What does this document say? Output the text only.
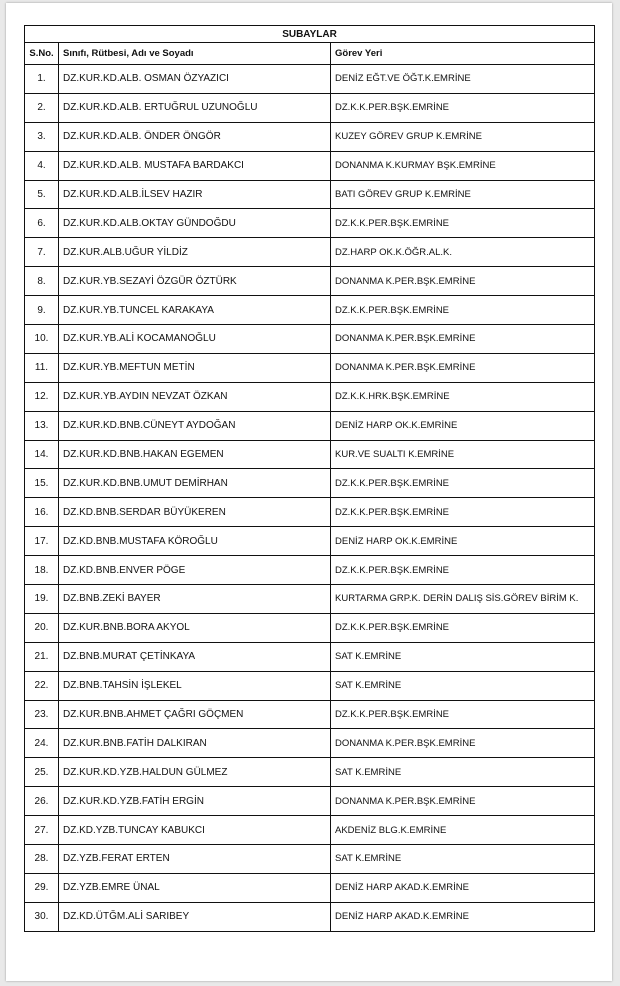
SUBAYLAR		
S.No.	Sınıfı, Rütbesi, Adı ve Soyadı	Görev Yeri
1.	DZ.KUR.KD.ALB. OSMAN ÖZYAZICI	DENİZ EĞT.VE ÖĞT.K.EMRİNE
2.	DZ.KUR.KD.ALB. ERTUĞRUL UZUNOĞLU	DZ.K.K.PER.BŞK.EMRİNE
3.	DZ.KUR.KD.ALB. ÖNDER ÖNGÖR	KUZEY GÖREV GRUP K.EMRİNE
4.	DZ.KUR.KD.ALB. MUSTAFA BARDAKCI	DONANMA K.KURMAY BŞK.EMRİNE
5.	DZ.KUR.KD.ALB.İLSEV HAZIR	BATI GÖREV GRUP K.EMRİNE
6.	DZ.KUR.KD.ALB.OKTAY GÜNDOĞDU	DZ.K.K.PER.BŞK.EMRİNE
7.	DZ.KUR.ALB.UĞUR YİLDİZ	DZ.HARP OK.K.ÖĞR.AL.K.
8.	DZ.KUR.YB.SEZAYİ ÖZGÜR ÖZTÜRK	DONANMA K.PER.BŞK.EMRİNE
9.	DZ.KUR.YB.TUNCEL KARAKAYA	DZ.K.K.PER.BŞK.EMRİNE
10.	DZ.KUR.YB.ALİ KOCAMANOĞLU	DONANMA K.PER.BŞK.EMRİNE
11.	DZ.KUR.YB.MEFTUN METİN	DONANMA K.PER.BŞK.EMRİNE
12.	DZ.KUR.YB.AYDIN NEVZAT ÖZKAN	DZ.K.K.HRK.BŞK.EMRİNE
13.	DZ.KUR.KD.BNB.CÜNEYT AYDOĞAN	DENİZ HARP OK.K.EMRİNE
14.	DZ.KUR.KD.BNB.HAKAN EGEMEN	KUR.VE SUALTI K.EMRİNE
15.	DZ.KUR.KD.BNB.UMUT DEMİRHAN	DZ.K.K.PER.BŞK.EMRİNE
16.	DZ.KD.BNB.SERDAR BÜYÜKEREN	DZ.K.K.PER.BŞK.EMRİNE
17.	DZ.KD.BNB.MUSTAFA KÖROĞLU	DENİZ HARP OK.K.EMRİNE
18.	DZ.KD.BNB.ENVER PÖGE	DZ.K.K.PER.BŞK.EMRİNE
19.	DZ.BNB.ZEKİ BAYER	KURTARMA GRP.K. DERİN DALIŞ SİS.GÖREV BİRİM K.
20.	DZ.KUR.BNB.BORA AKYOL	DZ.K.K.PER.BŞK.EMRİNE
21.	DZ.BNB.MURAT ÇETİNKAYA	SAT K.EMRİNE
22.	DZ.BNB.TAHSİN İŞLEKEL	SAT K.EMRİNE
23.	DZ.KUR.BNB.AHMET ÇAĞRI GÖÇMEN	DZ.K.K.PER.BŞK.EMRİNE
24.	DZ.KUR.BNB.FATİH DALKIRAN	DONANMA K.PER.BŞK.EMRİNE
25.	DZ.KUR.KD.YZB.HALDUN GÜLMEZ	SAT K.EMRİNE
26.	DZ.KUR.KD.YZB.FATİH ERGİN	DONANMA K.PER.BŞK.EMRİNE
27.	DZ.KD.YZB.TUNCAY KABUKCI	AKDENİZ BLG.K.EMRİNE
28.	DZ.YZB.FERAT ERTEN	SAT K.EMRİNE
29.	DZ.YZB.EMRE ÜNAL	DENİZ HARP AKAD.K.EMRİNE
30.	DZ.KD.ÜTĞM.ALİ SARIBEY	DENİZ HARP AKAD.K.EMRİNE
